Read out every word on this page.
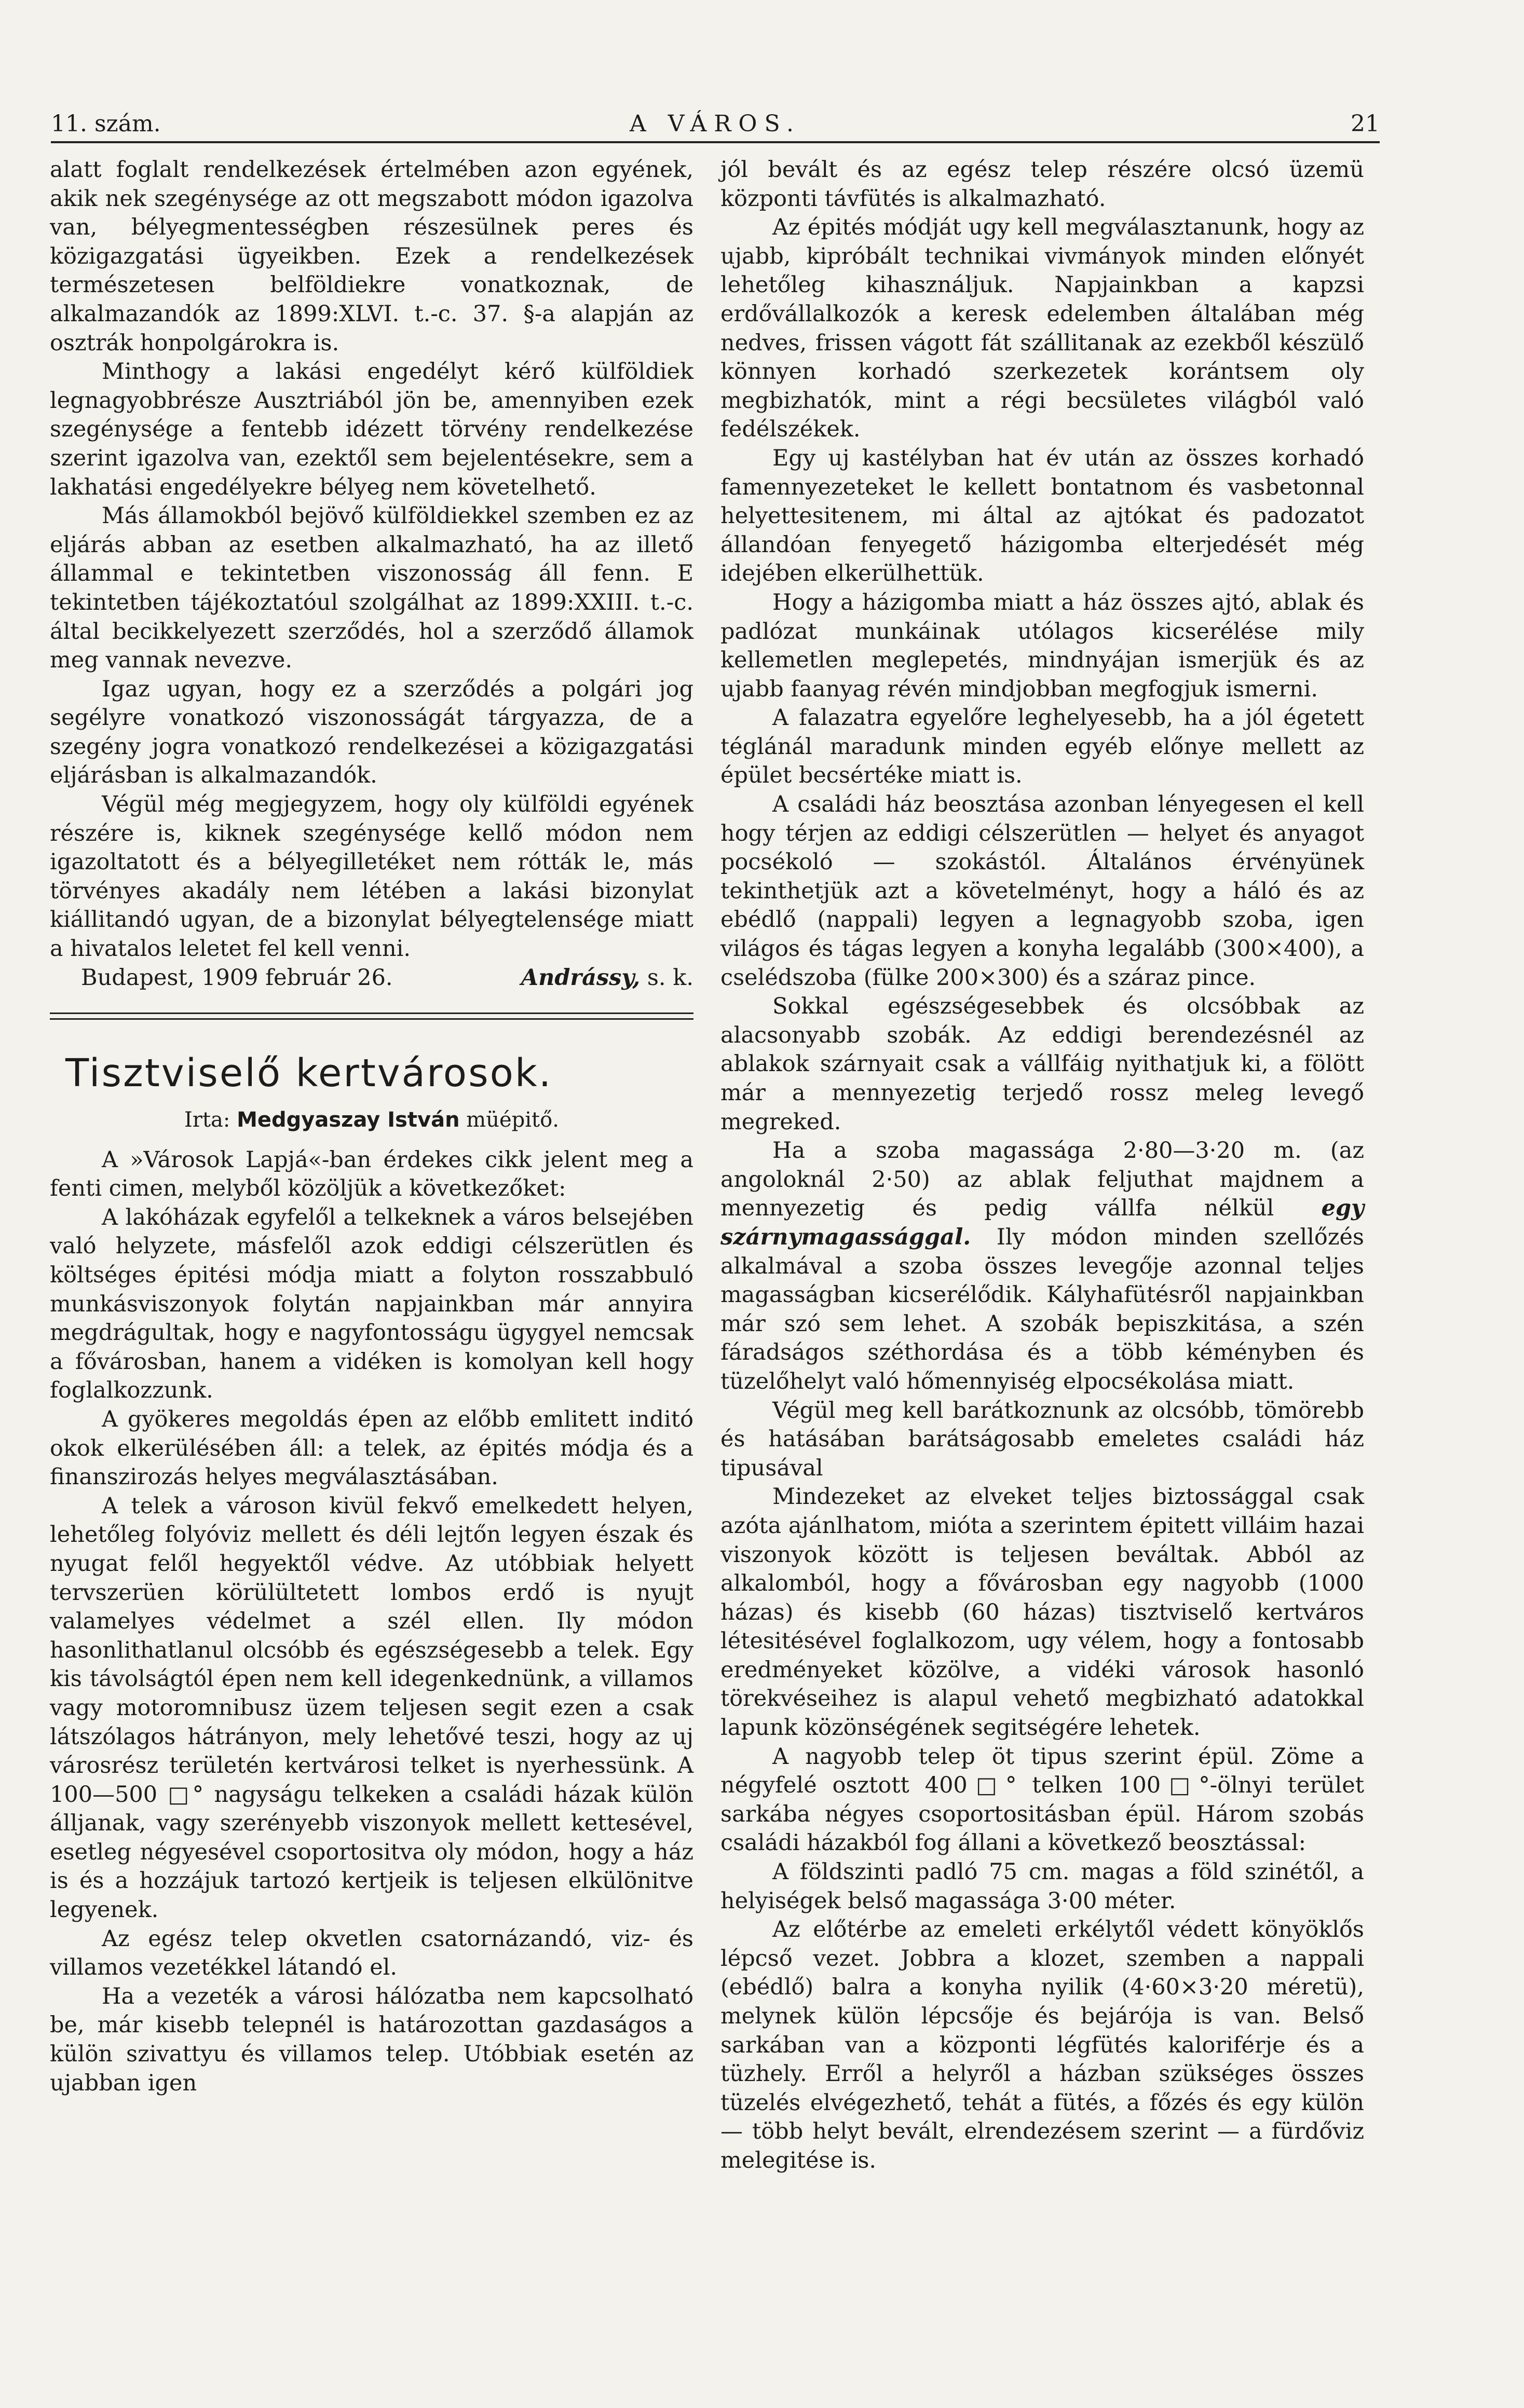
11. szám.	A VÁROS.	21

alatt foglalt rendelkezések értelmében azon egyének, akik nek szegénysége az ott megszabott módon igazolva van, bélyegmentességben részesülnek peres és közigazgatási ügyeikben. Ezek a rendelkezések természetesen belföldiekre vonatkoznak, de alkalmazandók az 1899:XLVI. t.-c. 37. §-a alapján az osztrák honpolgárokra is.

Minthogy a lakási engedélyt kérő külföldiek legnagyobbrésze Ausztriából jön be, amennyiben ezek szegénysége a fentebb idézett törvény rendelkezése szerint igazolva van, ezektől sem bejelentésekre, sem a lakhatási engedélyekre bélyeg nem követelhető.

Más államokból bejövő külföldiekkel szemben ez az eljárás abban az esetben alkalmazható, ha az illető állammal e tekintetben viszonosság áll fenn. E tekintetben tájékoztatóul szolgálhat az 1899:XXIII. t.-c. által becikkelyezett szerződés, hol a szerződő államok meg vannak nevezve.

Igaz ugyan, hogy ez a szerződés a polgári jog segélyre vonatkozó viszonosságát tárgyazza, de a szegény jogra vonatkozó rendelkezései a közigazgatási eljárásban is alkalmazandók.

Végül még megjegyzem, hogy oly külföldi egyének részére is, kiknek szegénysége kellő módon nem igazoltatott és a bélyegilletéket nem rótták le, más törvényes akadály nem létében a lakási bizonylat kiállitandó ugyan, de a bizonylat bélyegtelensége miatt a hivatalos leletet fel kell venni.

Budapest, 1909 február 26.	Andrássy, s. k.
Tisztviselő kertvárosok.
Irta: Medgyaszay István müépitő.

A »Városok Lapjá«-ban érdekes cikk jelent meg a fenti cimen, melyből közöljük a következőket:

A lakóházak egyfelől a telkeknek a város belsejében való helyzete, másfelől azok eddigi célszerütlen és költséges épitési módja miatt a folyton rosszabbuló munkásviszonyok folytán napjainkban már annyira megdrágultak, hogy e nagyfontosságu ügygyel nemcsak a fővárosban, hanem a vidéken is komolyan kell hogy foglalkozzunk.

A gyökeres megoldás épen az előbb emlitett inditó okok elkerülésében áll: a telek, az épités módja és a finanszirozás helyes megválasztásában.

A telek a városon kivül fekvő emelkedett helyen, lehetőleg folyóviz mellett és déli lejtőn legyen észak és nyugat felől hegyektől védve. Az utóbbiak helyett tervszerüen körülültetett lombos erdő is nyujt valamelyes védelmet a szél ellen. Ily módon hasonlithatlanul olcsóbb és egészségesebb a telek. Egy kis távolságtól épen nem kell idegenkednünk, a villamos vagy motoromnibusz üzem teljesen segit ezen a csak látszólagos hátrányon, mely lehetővé teszi, hogy az uj városrész területén kertvárosi telket is nyerhessünk. A 100—500 □° nagyságu telkeken a családi házak külön álljanak, vagy szerényebb viszonyok mellett kettesével, esetleg négyesével csoportositva oly módon, hogy a ház is és a hozzájuk tartozó kertjeik is teljesen elkülönitve legyenek.

Az egész telep okvetlen csatornázandó, viz- és villamos vezetékkel látandó el.

Ha a vezeték a városi hálózatba nem kapcsolható be, már kisebb telepnél is határozottan gazdaságos a külön szivattyu és villamos telep. Utóbbiak esetén az ujabban igen

jól bevált és az egész telep részére olcsó üzemü központi távfütés is alkalmazható.

Az épités módját ugy kell megválasztanunk, hogy az ujabb, kipróbált technikai vivmányok minden előnyét lehetőleg kihasználjuk. Napjainkban a kapzsi erdővállalkozók a keresk edelemben általában még nedves, frissen vágott fát szállitanak az ezekből készülő könnyen korhadó szerkezetek korántsem oly megbizhatók, mint a régi becsületes világból való fedélszékek.

Egy uj kastélyban hat év után az összes korhadó famennyezeteket le kellett bontatnom és vasbetonnal helyettesitenem, mi által az ajtókat és padozatot állandóan fenyegető házigomba elterjedését még idejében elkerülhettük.

Hogy a házigomba miatt a ház összes ajtó, ablak és padlózat munkáinak utólagos kicserélése mily kellemetlen meglepetés, mindnyájan ismerjük és az ujabb faanyag révén mindjobban megfogjuk ismerni.

A falazatra egyelőre leghelyesebb, ha a jól égetett téglánál maradunk minden egyéb előnye mellett az épület becsértéke miatt is.

A családi ház beosztása azonban lényegesen el kell hogy térjen az eddigi célszerütlen — helyet és anyagot pocsékoló — szokástól. Általános érvényünek tekinthetjük azt a követelményt, hogy a háló és az ebédlő (nappali) legyen a legnagyobb szoba, igen világos és tágas legyen a konyha legalább (300×400), a cselédszoba (fülke 200×300) és a száraz pince.

Sokkal egészségesebbek és olcsóbbak az alacsonyabb szobák. Az eddigi berendezésnél az ablakok szárnyait csak a vállfáig nyithatjuk ki, a fölött már a mennyezetig terjedő rossz meleg levegő megreked.

Ha a szoba magassága 2·80—3·20 m. (az angoloknál 2·50) az ablak feljuthat majdnem a mennyezetig és pedig vállfa nélkül egy szárnymagassággal. Ily módon minden szellőzés alkalmával a szoba összes levegője azonnal teljes magasságban kicserélődik. Kályhafütésről napjainkban már szó sem lehet. A szobák bepiszkitása, a szén fáradságos széthordása és a több kéményben és tüzelőhelyt való hőmennyiség elpocsékolása miatt.

Végül meg kell barátkoznunk az olcsóbb, tömörebb és hatásában barátságosabb emeletes családi ház tipusával

Mindezeket az elveket teljes biztossággal csak azóta ajánlhatom, mióta a szerintem épitett villáim hazai viszonyok között is teljesen beváltak. Abból az alkalomból, hogy a fővárosban egy nagyobb (1000 házas) és kisebb (60 házas) tisztviselő kertváros létesitésével foglalkozom, ugy vélem, hogy a fontosabb eredményeket közölve, a vidéki városok hasonló törekvéseihez is alapul vehető megbizható adatokkal lapunk közönségének segitségére lehetek.

A nagyobb telep öt tipus szerint épül. Zöme a négyfelé osztott 400□° telken 100□°-ölnyi terület sarkába négyes csoportositásban épül. Három szobás családi házakból fog állani a következő beosztással:

A földszinti padló 75 cm. magas a föld szinétől, a helyiségek belső magassága 3·00 méter.

Az előtérbe az emeleti erkélytől védett könyöklős lépcső vezet. Jobbra a klozet, szemben a nappali (ebédlő) balra a konyha nyilik (4·60×3·20 méretü), melynek külön lépcsője és bejárója is van. Belső sarkában van a központi légfütés kaloriférje és a tüzhely. Erről a helyről a házban szükséges összes tüzelés elvégezhető, tehát a fütés, a főzés és egy külön — több helyt bevált, elrendezésem szerint — a fürdőviz melegitése is.
